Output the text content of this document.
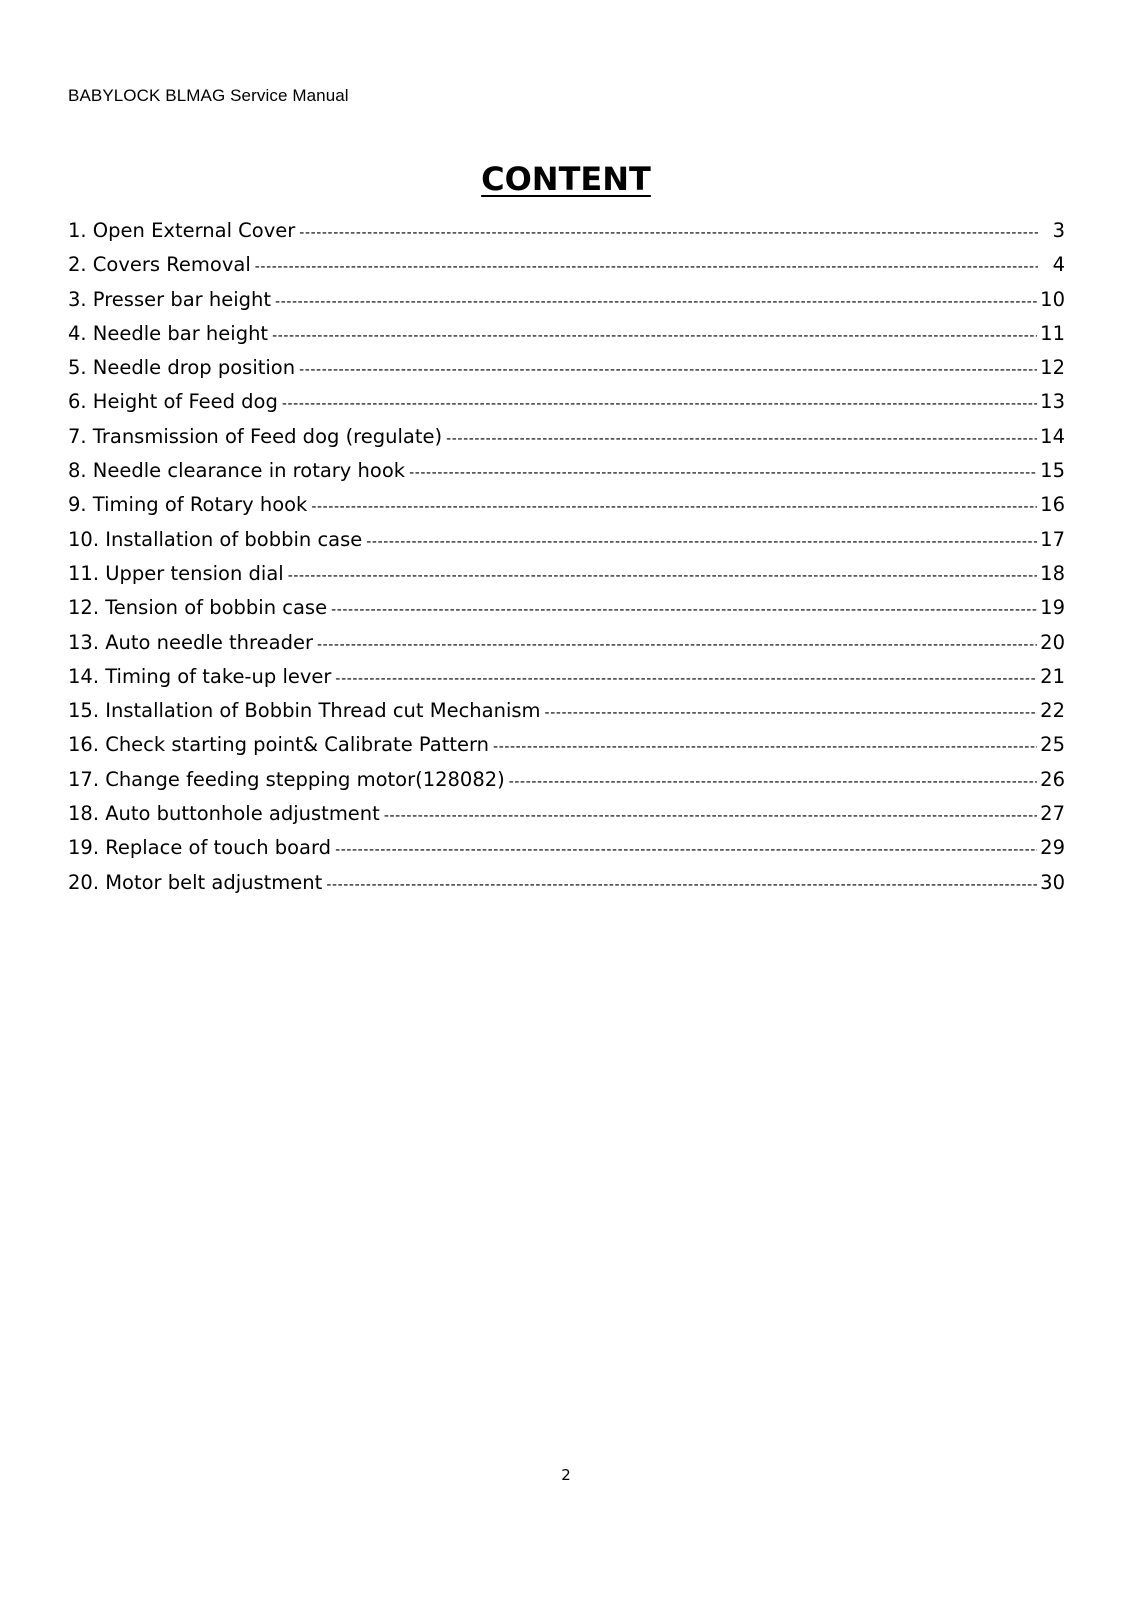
BABYLOCK BLMAG Service Manual
CONTENT
1. Open External Cover -----	3
2. Covers Removal -----	4
3. Presser bar height -----	10
4. Needle bar height -----	11
5. Needle drop position -----	12
6. Height of Feed dog -----	13
7. Transmission of Feed dog (regulate) -----	14
8. Needle clearance in rotary hook -----	15
9. Timing of Rotary hook -----	16
10. Installation of bobbin case -----	17
11. Upper tension dial -----	18
12. Tension of bobbin case -----	19
13. Auto needle threader -----	20
14. Timing of take-up lever -----	21
15. Installation of Bobbin Thread cut Mechanism -----	22
16. Check starting point& Calibrate Pattern -----	25
17. Change feeding stepping motor(128082) -----	26
18. Auto buttonhole adjustment -----	27
19. Replace of touch board -----	29
20. Motor belt adjustment -----	30
2
